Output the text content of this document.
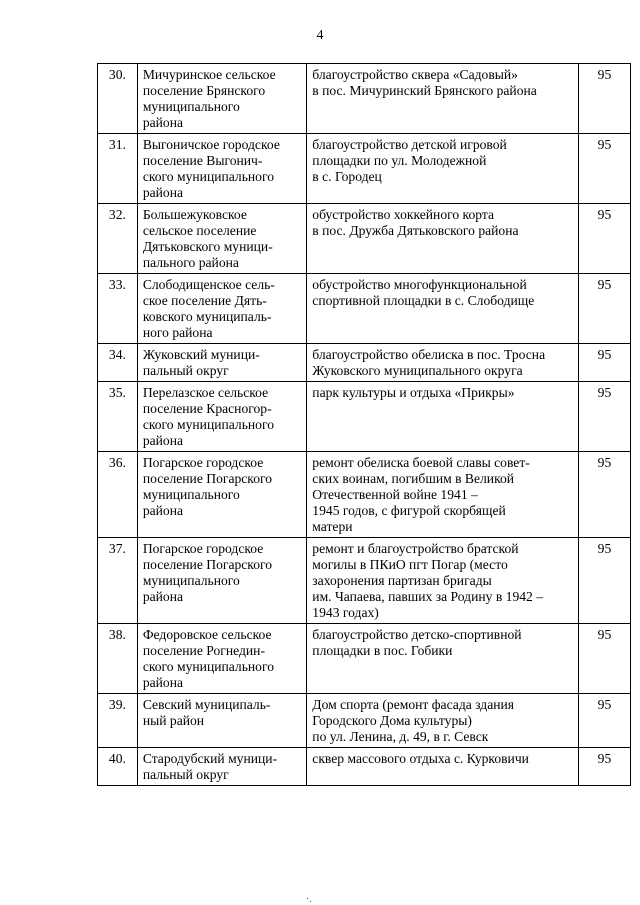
4
30.	Мичуринское сельское
поселение Брянского
муниципального
района	благоустройство сквера «Садовый»
в пос. Мичуринский Брянского района	95
31.	Выгоничское городское
поселение Выгонич-
ского муниципального
района	благоустройство детской игровой
площадки по ул. Молодежной
в с. Городец	95
32.	Большежуковское
сельское поселение
Дятьковского муници-
пального района	обустройство хоккейного корта
в пос. Дружба Дятьковского района	95
33.	Слободищенское сель-
ское поселение Дять-
ковского муниципаль-
ного района	обустройство многофункциональной
спортивной площадки в с. Слободище	95
34.	Жуковский муници-
пальный округ	благоустройство обелиска в пос. Тросна
Жуковского муниципального округа	95
35.	Перелазское сельское
поселение Красногор-
ского муниципального
района	парк культуры и отдыха «Прикры»	95
36.	Погарское городское
поселение Погарского
муниципального
района	ремонт обелиска боевой славы совет-
ских воинам, погибшим в Великой
Отечественной войне 1941 –
1945 годов, с фигурой скорбящей
матери	95
37.	Погарское городское
поселение Погарского
муниципального
района	ремонт и благоустройство братской
могилы в ПКиО пгт Погар (место
захоронения партизан бригады
им. Чапаева, павших за Родину в 1942 –
1943 годах)	95
38.	Федоровское сельское
поселение Рогнедин-
ского муниципального
района	благоустройство детско-спортивной
площадки в пос. Гобики	95
39.	Севский муниципаль-
ный район	Дом спорта (ремонт фасада здания
Городского Дома культуры)
по ул. Ленина, д. 49, в г. Севск	95
40.	Стародубский муници-
пальный округ	сквер массового отдыха с. Курковичи	95
·.
